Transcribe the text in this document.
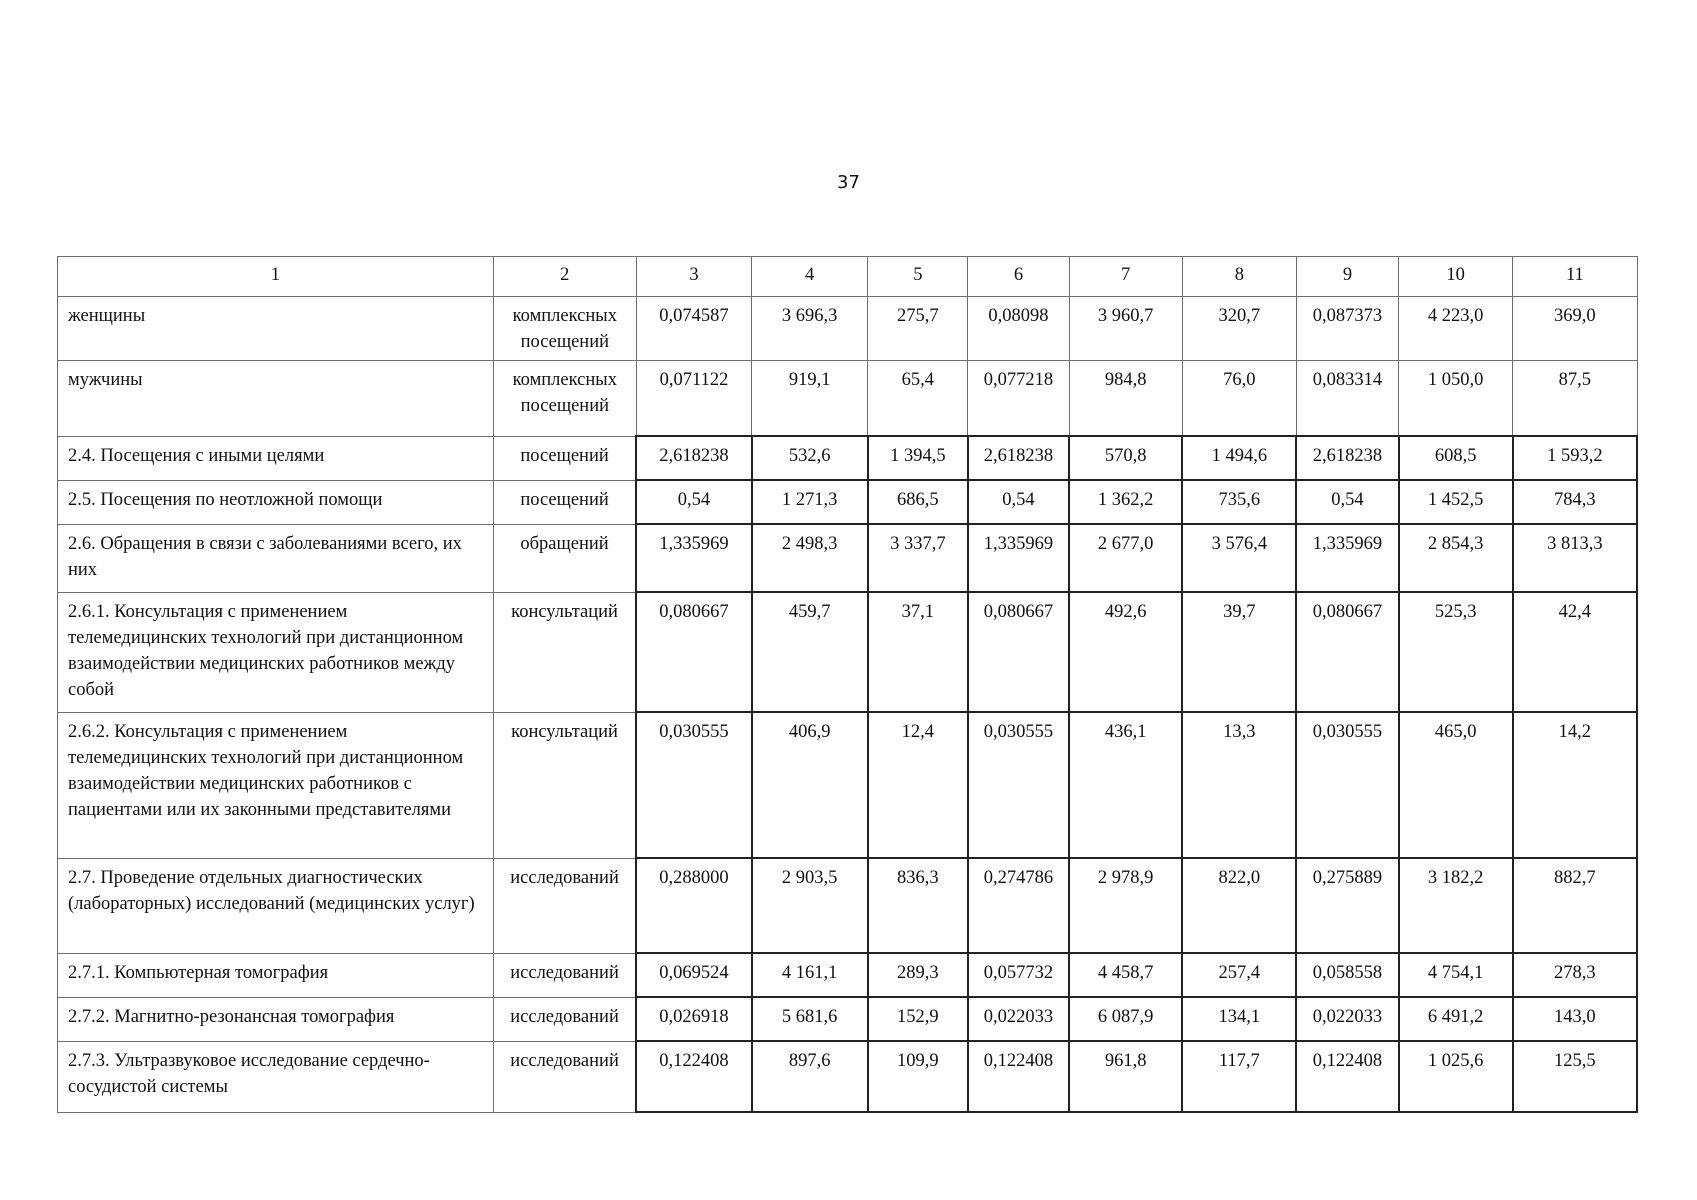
37
1	2	3	4	5	6	7	8	9	10	11
женщины	комплексных посещений	0,074587	3 696,3	275,7	0,08098	3 960,7	320,7	0,087373	4 223,0	369,0
мужчины	комплексных посещений	0,071122	919,1	65,4	0,077218	984,8	76,0	0,083314	1 050,0	87,5
2.4. Посещения с иными целями	посещений	2,618238	532,6	1 394,5	2,618238	570,8	1 494,6	2,618238	608,5	1 593,2
2.5. Посещения по неотложной помощи	посещений	0,54	1 271,3	686,5	0,54	1 362,2	735,6	0,54	1 452,5	784,3
2.6. Обращения в связи с заболеваниями всего, их них	обращений	1,335969	2 498,3	3 337,7	1,335969	2 677,0	3 576,4	1,335969	2 854,3	3 813,3
2.6.1. Консультация с применением телемедицинских технологий при дистанционном взаимодействии медицинских работников между собой	консультаций	0,080667	459,7	37,1	0,080667	492,6	39,7	0,080667	525,3	42,4
2.6.2. Консультация с применением телемедицинских технологий при дистанционном взаимодействии медицинских работников с пациентами или их законными представителями	консультаций	0,030555	406,9	12,4	0,030555	436,1	13,3	0,030555	465,0	14,2
2.7. Проведение отдельных диагностических (лабораторных) исследований (медицинских услуг)	исследований	0,288000	2 903,5	836,3	0,274786	2 978,9	822,0	0,275889	3 182,2	882,7
2.7.1. Компьютерная томография	исследований	0,069524	4 161,1	289,3	0,057732	4 458,7	257,4	0,058558	4 754,1	278,3
2.7.2. Магнитно-резонансная томография	исследований	0,026918	5 681,6	152,9	0,022033	6 087,9	134,1	0,022033	6 491,2	143,0
2.7.3. Ультразвуковое исследование сердечно-сосудистой системы	исследований	0,122408	897,6	109,9	0,122408	961,8	117,7	0,122408	1 025,6	125,5
